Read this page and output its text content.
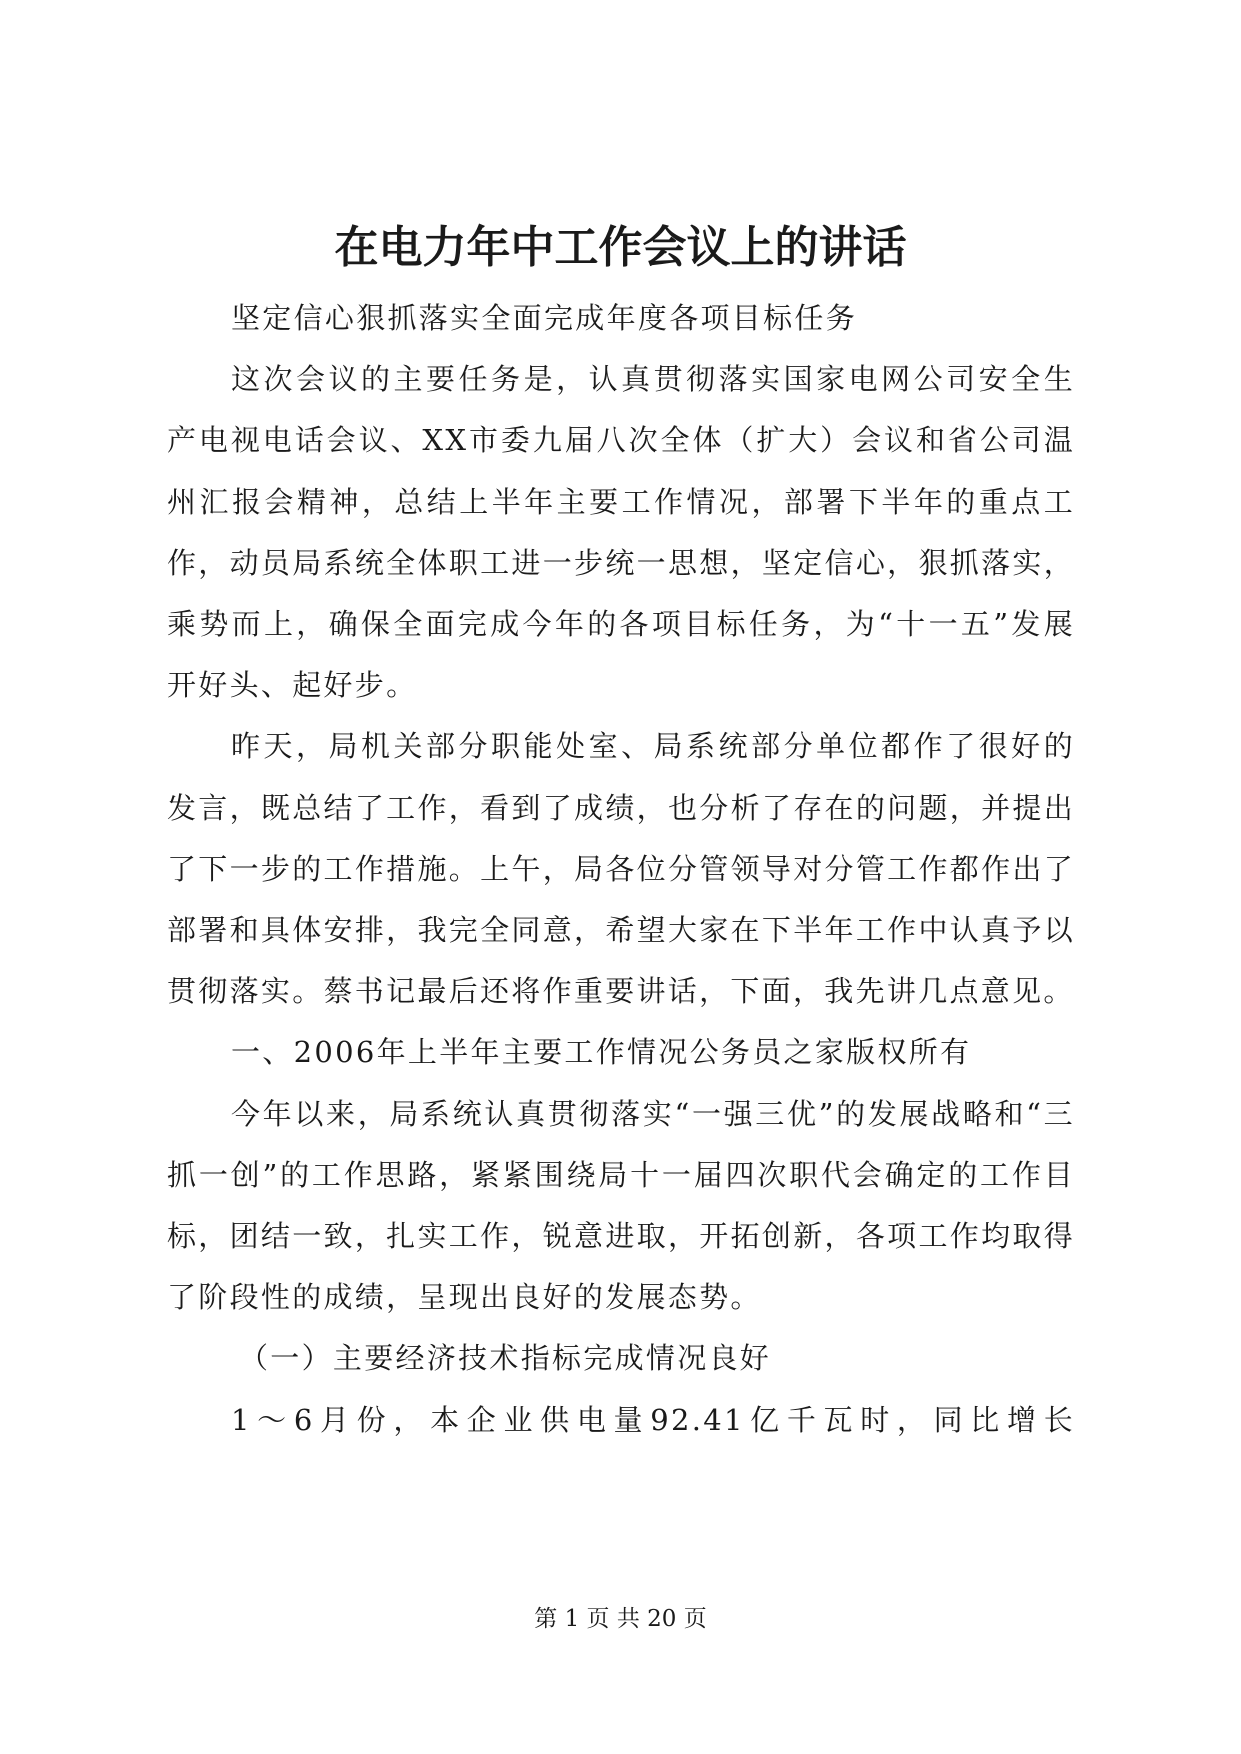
在电力年中工作会议上的讲话

坚定信心狠抓落实全面完成年度各项目标任务

这次会议的主要任务是，认真贯彻落实国家电网公司安全生产电视电话会议、XX市委九届八次全体（扩大）会议和省公司温州汇报会精神，总结上半年主要工作情况，部署下半年的重点工作，动员局系统全体职工进一步统一思想，坚定信心，狠抓落实，乘势而上，确保全面完成今年的各项目标任务，为“十一五”发展开好头、起好步。

昨天，局机关部分职能处室、局系统部分单位都作了很好的发言，既总结了工作，看到了成绩，也分析了存在的问题，并提出了下一步的工作措施。上午，局各位分管领导对分管工作都作出了部署和具体安排，我完全同意，希望大家在下半年工作中认真予以贯彻落实。蔡书记最后还将作重要讲话，下面，我先讲几点意见。

一、2006年上半年主要工作情况公务员之家版权所有

今年以来，局系统认真贯彻落实“一强三优”的发展战略和“三抓一创”的工作思路，紧紧围绕局十一届四次职代会确定的工作目标，团结一致，扎实工作，锐意进取，开拓创新，各项工作均取得了阶段性的成绩，呈现出良好的发展态势。

（一）主要经济技术指标完成情况良好

1～6月份，本企业供电量92.41亿千瓦时，同比增长

第 1 页 共 20 页
